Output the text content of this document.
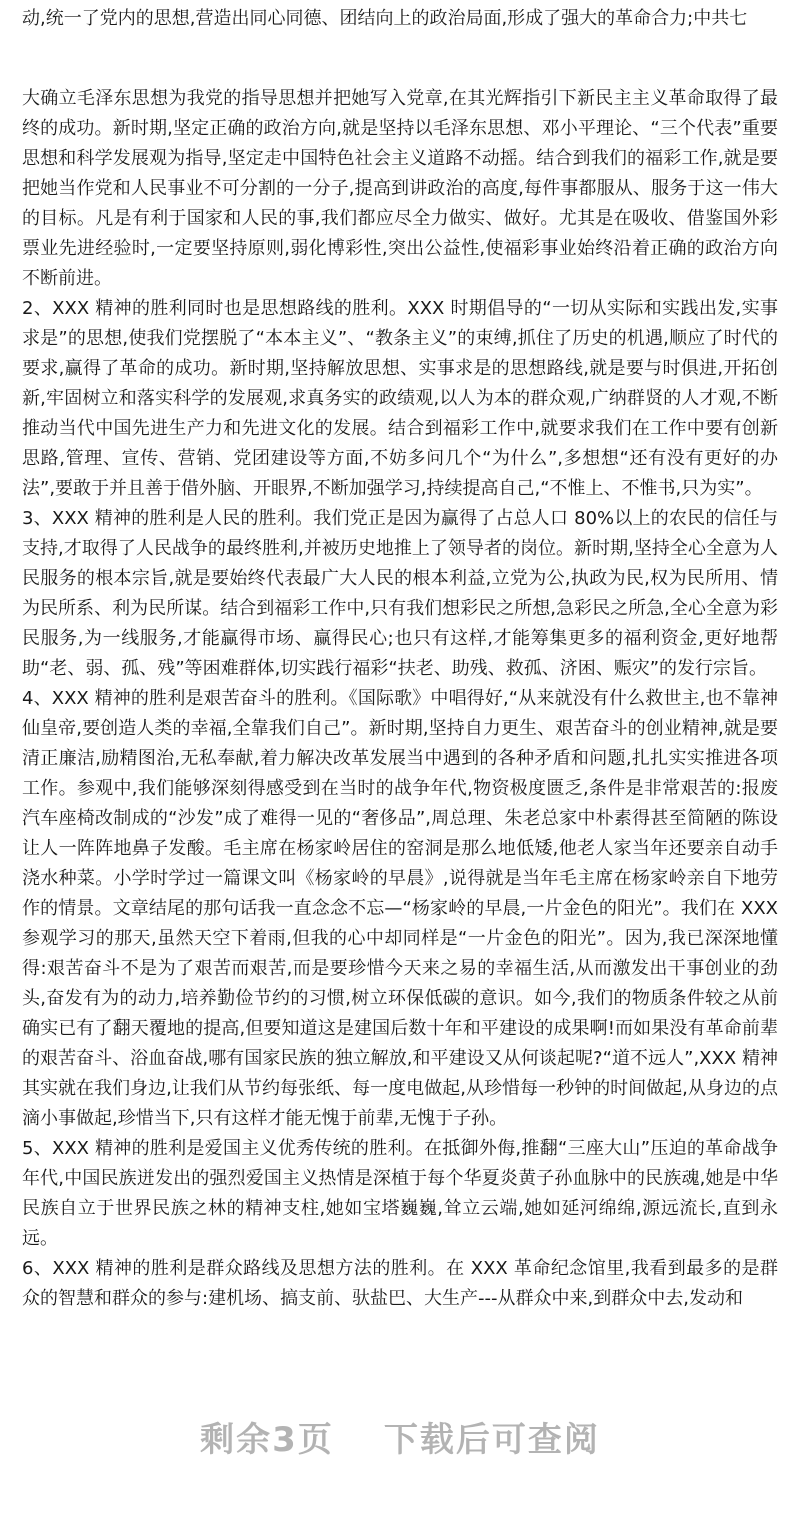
动,统一了党内的思想,营造出同心同德、团结向上的政治局面,形成了强大的革命合力;中共七

大确立毛泽东思想为我党的指导思想并把她写入党章,在其光辉指引下新民主主义革命取得了最终的成功。新时期,坚定正确的政治方向,就是坚持以毛泽东思想、邓小平理论、“三个代表”重要思想和科学发展观为指导,坚定走中国特色社会主义道路不动摇。结合到我们的福彩工作,就是要把她当作党和人民事业不可分割的一分子,提高到讲政治的高度,每件事都服从、服务于这一伟大的目标。凡是有利于国家和人民的事,我们都应尽全力做实、做好。尤其是在吸收、借鉴国外彩票业先进经验时,一定要坚持原则,弱化博彩性,突出公益性,使福彩事业始终沿着正确的政治方向不断前进。

2、XXX 精神的胜利同时也是思想路线的胜利。XXX 时期倡导的“一切从实际和实践出发,实事求是”的思想,使我们党摆脱了“本本主义”、“教条主义”的束缚,抓住了历史的机遇,顺应了时代的要求,赢得了革命的成功。新时期,坚持解放思想、实事求是的思想路线,就是要与时俱进,开拓创新,牢固树立和落实科学的发展观,求真务实的政绩观,以人为本的群众观,广纳群贤的人才观,不断推动当代中国先进生产力和先进文化的发展。结合到福彩工作中,就要求我们在工作中要有创新思路,管理、宣传、营销、党团建设等方面,不妨多问几个“为什么”,多想想“还有没有更好的办法”,要敢于并且善于借外脑、开眼界,不断加强学习,持续提高自己,“不惟上、不惟书,只为实”。

3、XXX 精神的胜利是人民的胜利。我们党正是因为赢得了占总人口 80%以上的农民的信任与支持,才取得了人民战争的最终胜利,并被历史地推上了领导者的岗位。新时期,坚持全心全意为人民服务的根本宗旨,就是要始终代表最广大人民的根本利益,立党为公,执政为民,权为民所用、情为民所系、利为民所谋。结合到福彩工作中,只有我们想彩民之所想,急彩民之所急,全心全意为彩民服务,为一线服务,才能赢得市场、赢得民心;也只有这样,才能筹集更多的福利资金,更好地帮助“老、弱、孤、残”等困难群体,切实践行福彩“扶老、助残、救孤、济困、赈灾”的发行宗旨。

4、XXX 精神的胜利是艰苦奋斗的胜利。《国际歌》中唱得好,“从来就没有什么救世主,也不靠神仙皇帝,要创造人类的幸福,全靠我们自己”。新时期,坚持自力更生、艰苦奋斗的创业精神,就是要清正廉洁,励精图治,无私奉献,着力解决改革发展当中遇到的各种矛盾和问题,扎扎实实推进各项工作。参观中,我们能够深刻得感受到在当时的战争年代,物资极度匮乏,条件是非常艰苦的:报废汽车座椅改制成的“沙发”成了难得一见的“奢侈品”,周总理、朱老总家中朴素得甚至简陋的陈设让人一阵阵地鼻子发酸。毛主席在杨家岭居住的窑洞是那么地低矮,他老人家当年还要亲自动手浇水种菜。小学时学过一篇课文叫《杨家岭的早晨》,说得就是当年毛主席在杨家岭亲自下地劳作的情景。文章结尾的那句话我一直念念不忘—“杨家岭的早晨,一片金色的阳光”。我们在 XXX 参观学习的那天,虽然天空下着雨,但我的心中却同样是“一片金色的阳光”。因为,我已深深地懂得:艰苦奋斗不是为了艰苦而艰苦,而是要珍惜今天来之易的幸福生活,从而激发出干事创业的劲头,奋发有为的动力,培养勤俭节约的习惯,树立环保低碳的意识。如今,我们的物质条件较之从前确实已有了翻天覆地的提高,但要知道这是建国后数十年和平建设的成果啊!而如果没有革命前辈的艰苦奋斗、浴血奋战,哪有国家民族的独立解放,和平建设又从何谈起呢?“道不远人”,XXX 精神其实就在我们身边,让我们从节约每张纸、每一度电做起,从珍惜每一秒钟的时间做起,从身边的点滴小事做起,珍惜当下,只有这样才能无愧于前辈,无愧于子孙。

5、XXX 精神的胜利是爱国主义优秀传统的胜利。在抵御外侮,推翻“三座大山”压迫的革命战争年代,中国民族迸发出的强烈爱国主义热情是深植于每个华夏炎黄子孙血脉中的民族魂,她是中华民族自立于世界民族之林的精神支柱,她如宝塔巍巍,耸立云端,她如延河绵绵,源远流长,直到永远。

6、XXX 精神的胜利是群众路线及思想方法的胜利。在 XXX 革命纪念馆里,我看到最多的是群众的智慧和群众的参与:建机场、搞支前、驮盐巴、大生产---从群众中来,到群众中去,发动和

剩余3页 下载后可查阅
